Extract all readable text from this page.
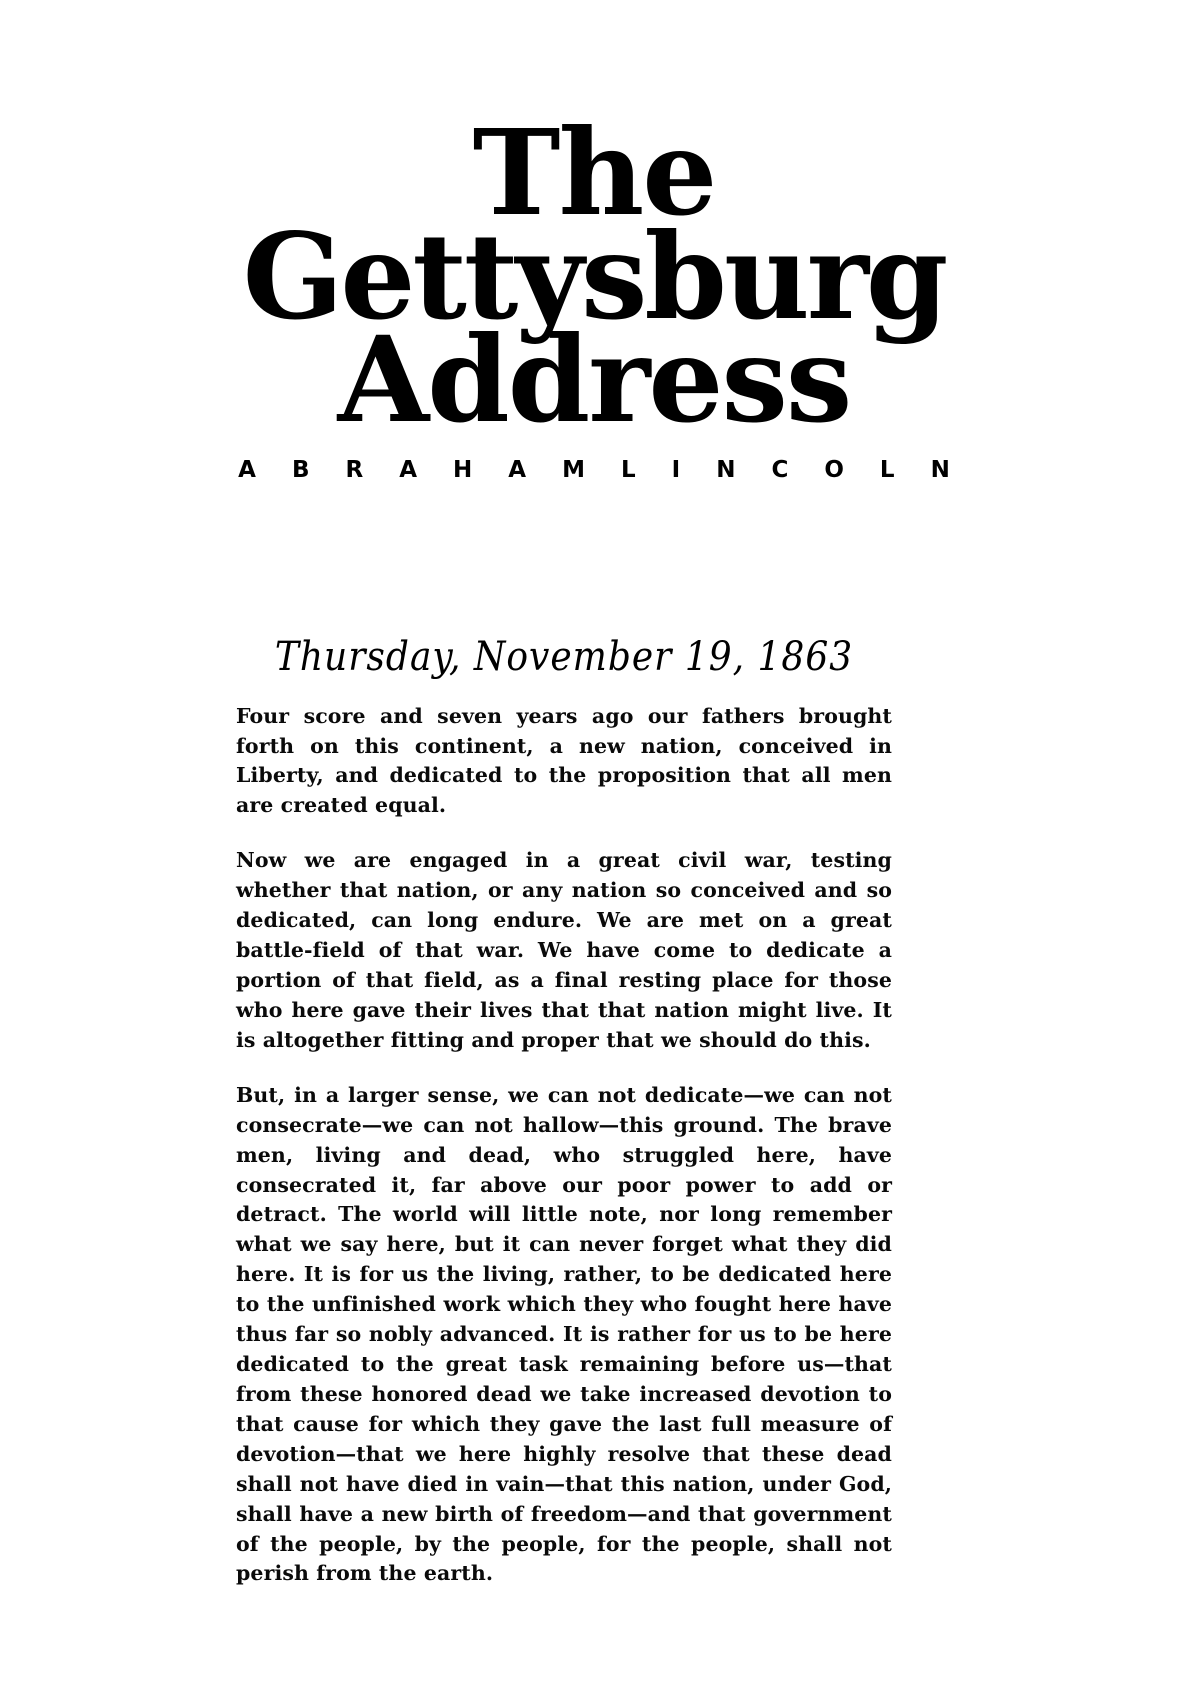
The
Gettysburg
Address
A B R A H A M L I N C O L N
Thursday, November 19, 1863

Four score and seven years ago our fathers brought forth on this continent, a new nation, conceived in Liberty, and dedicated to the proposition that all men are created equal.

Now we are engaged in a great civil war, testing whether that nation, or any nation so conceived and so dedicated, can long endure. We are met on a great battle-field of that war. We have come to dedicate a portion of that field, as a final resting place for those who here gave their lives that that nation might live. It is altogether fitting and proper that we should do this.

But, in a larger sense, we can not dedicate—we can not consecrate—we can not hallow—this ground. The brave men, living and dead, who struggled here, have consecrated it, far above our poor power to add or detract. The world will little note, nor long remember what we say here, but it can never forget what they did here. It is for us the living, rather, to be dedicated here to the unfinished work which they who fought here have thus far so nobly advanced. It is rather for us to be here dedicated to the great task remaining before us—that from these honored dead we take increased devotion to that cause for which they gave the last full measure of devotion—that we here highly resolve that these dead shall not have died in vain—that this nation, under God, shall have a new birth of freedom—and that government of the people, by the people, for the people, shall not perish from the earth.
